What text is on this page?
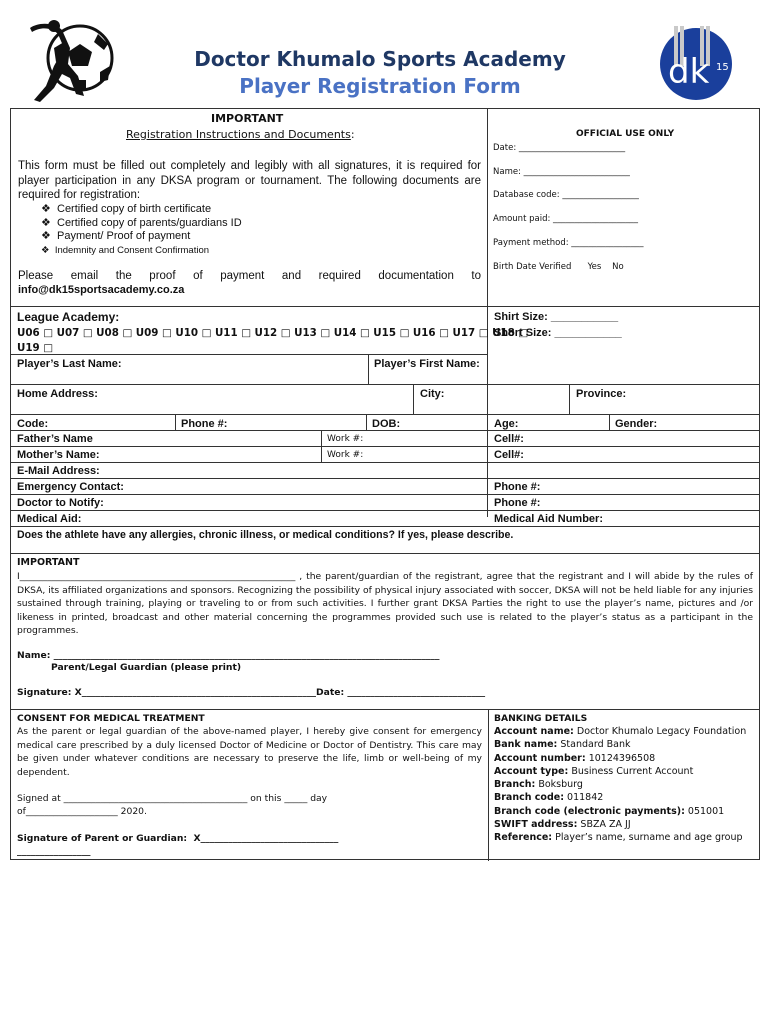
Doctor Khumalo Sports Academy
Player Registration Form	dk 15
IMPORTANT
Registration Instructions and Documents:
This form must be filled out completely and legibly with all signatures, it is required for player participation in any DKSA program or tournament. The following documents are required for registration:
❖ Certified copy of birth certificate
❖ Certified copy of parents/guardians ID
❖ Payment/ Proof of payment
❖ Indemnity and Consent Confirmation
Please email the proof of payment and required documentation to
info@dk15sportsacademy.co.za
OFFICIAL USE ONLY
Date: _________________________
Name: _________________________
Database code: __________________
Amount paid: ____________________
Payment method: _________________
Birth Date Verified Yes No
League Academy:
U06 □ U07 □ U08 □ U09 □ U10 □ U11 □ U12 □ U13 □ U14 □ U15 □ U16 □ U17 □ U18 □
U19 □
Shirt Size: ___________
Short Size: ___________
Player’s Last Name:	Player’s First Name:
Home Address:	City:	Province:
Code:	Phone #:	DOB:	Age:	Gender:
Father’s Name	Work #:	Cell#:
Mother’s Name:	Work #:	Cell#:
E-Mail Address:
Emergency Contact:	Phone #:
Doctor to Notify:	Phone #:
Medical Aid:	Medical Aid Number:
Does the athlete have any allergies, chronic illness, or medical conditions? If yes, please describe.
IMPORTANT
I____________________________________________________________ , the parent/guardian of the registrant, agree that the registrant and I will abide by the rules of DKSA, its affiliated organizations and sponsors. Recognizing the possibility of physical injury associated with soccer, DKSA will not be held liable for any injuries sustained through training, playing or traveling to or from such activities. I further grant DKSA Parties the right to use the player’s name, pictures and /or likeness in printed, broadcast and other material concerning the programmes provided such use is related to the player’s status as a participant in the programmes.
Name: ____________________________________________________________________________________
Parent/Legal Guardian (please print)
Signature: X___________________________________________________Date: ______________________________
CONSENT FOR MEDICAL TREATMENT
As the parent or legal guardian of the above-named player, I hereby give consent for emergency medical care prescribed by a duly licensed Doctor of Medicine or Doctor of Dentistry. This care may be given under whatever conditions are necessary to preserve the life, limb or well-being of my dependent.
Signed at ________________________________________ on this _____ day
of____________________ 2020.
Signature of Parent or Guardian: X______________________________
________________
BANKING DETAILS
Account name: Doctor Khumalo Legacy Foundation
Bank name: Standard Bank
Account number: 10124396508
Account type: Business Current Account
Branch: Boksburg
Branch code: 011842
Branch code (electronic payments): 051001
SWIFT address: SBZA ZA JJ
Reference: Player’s name, surname and age group
